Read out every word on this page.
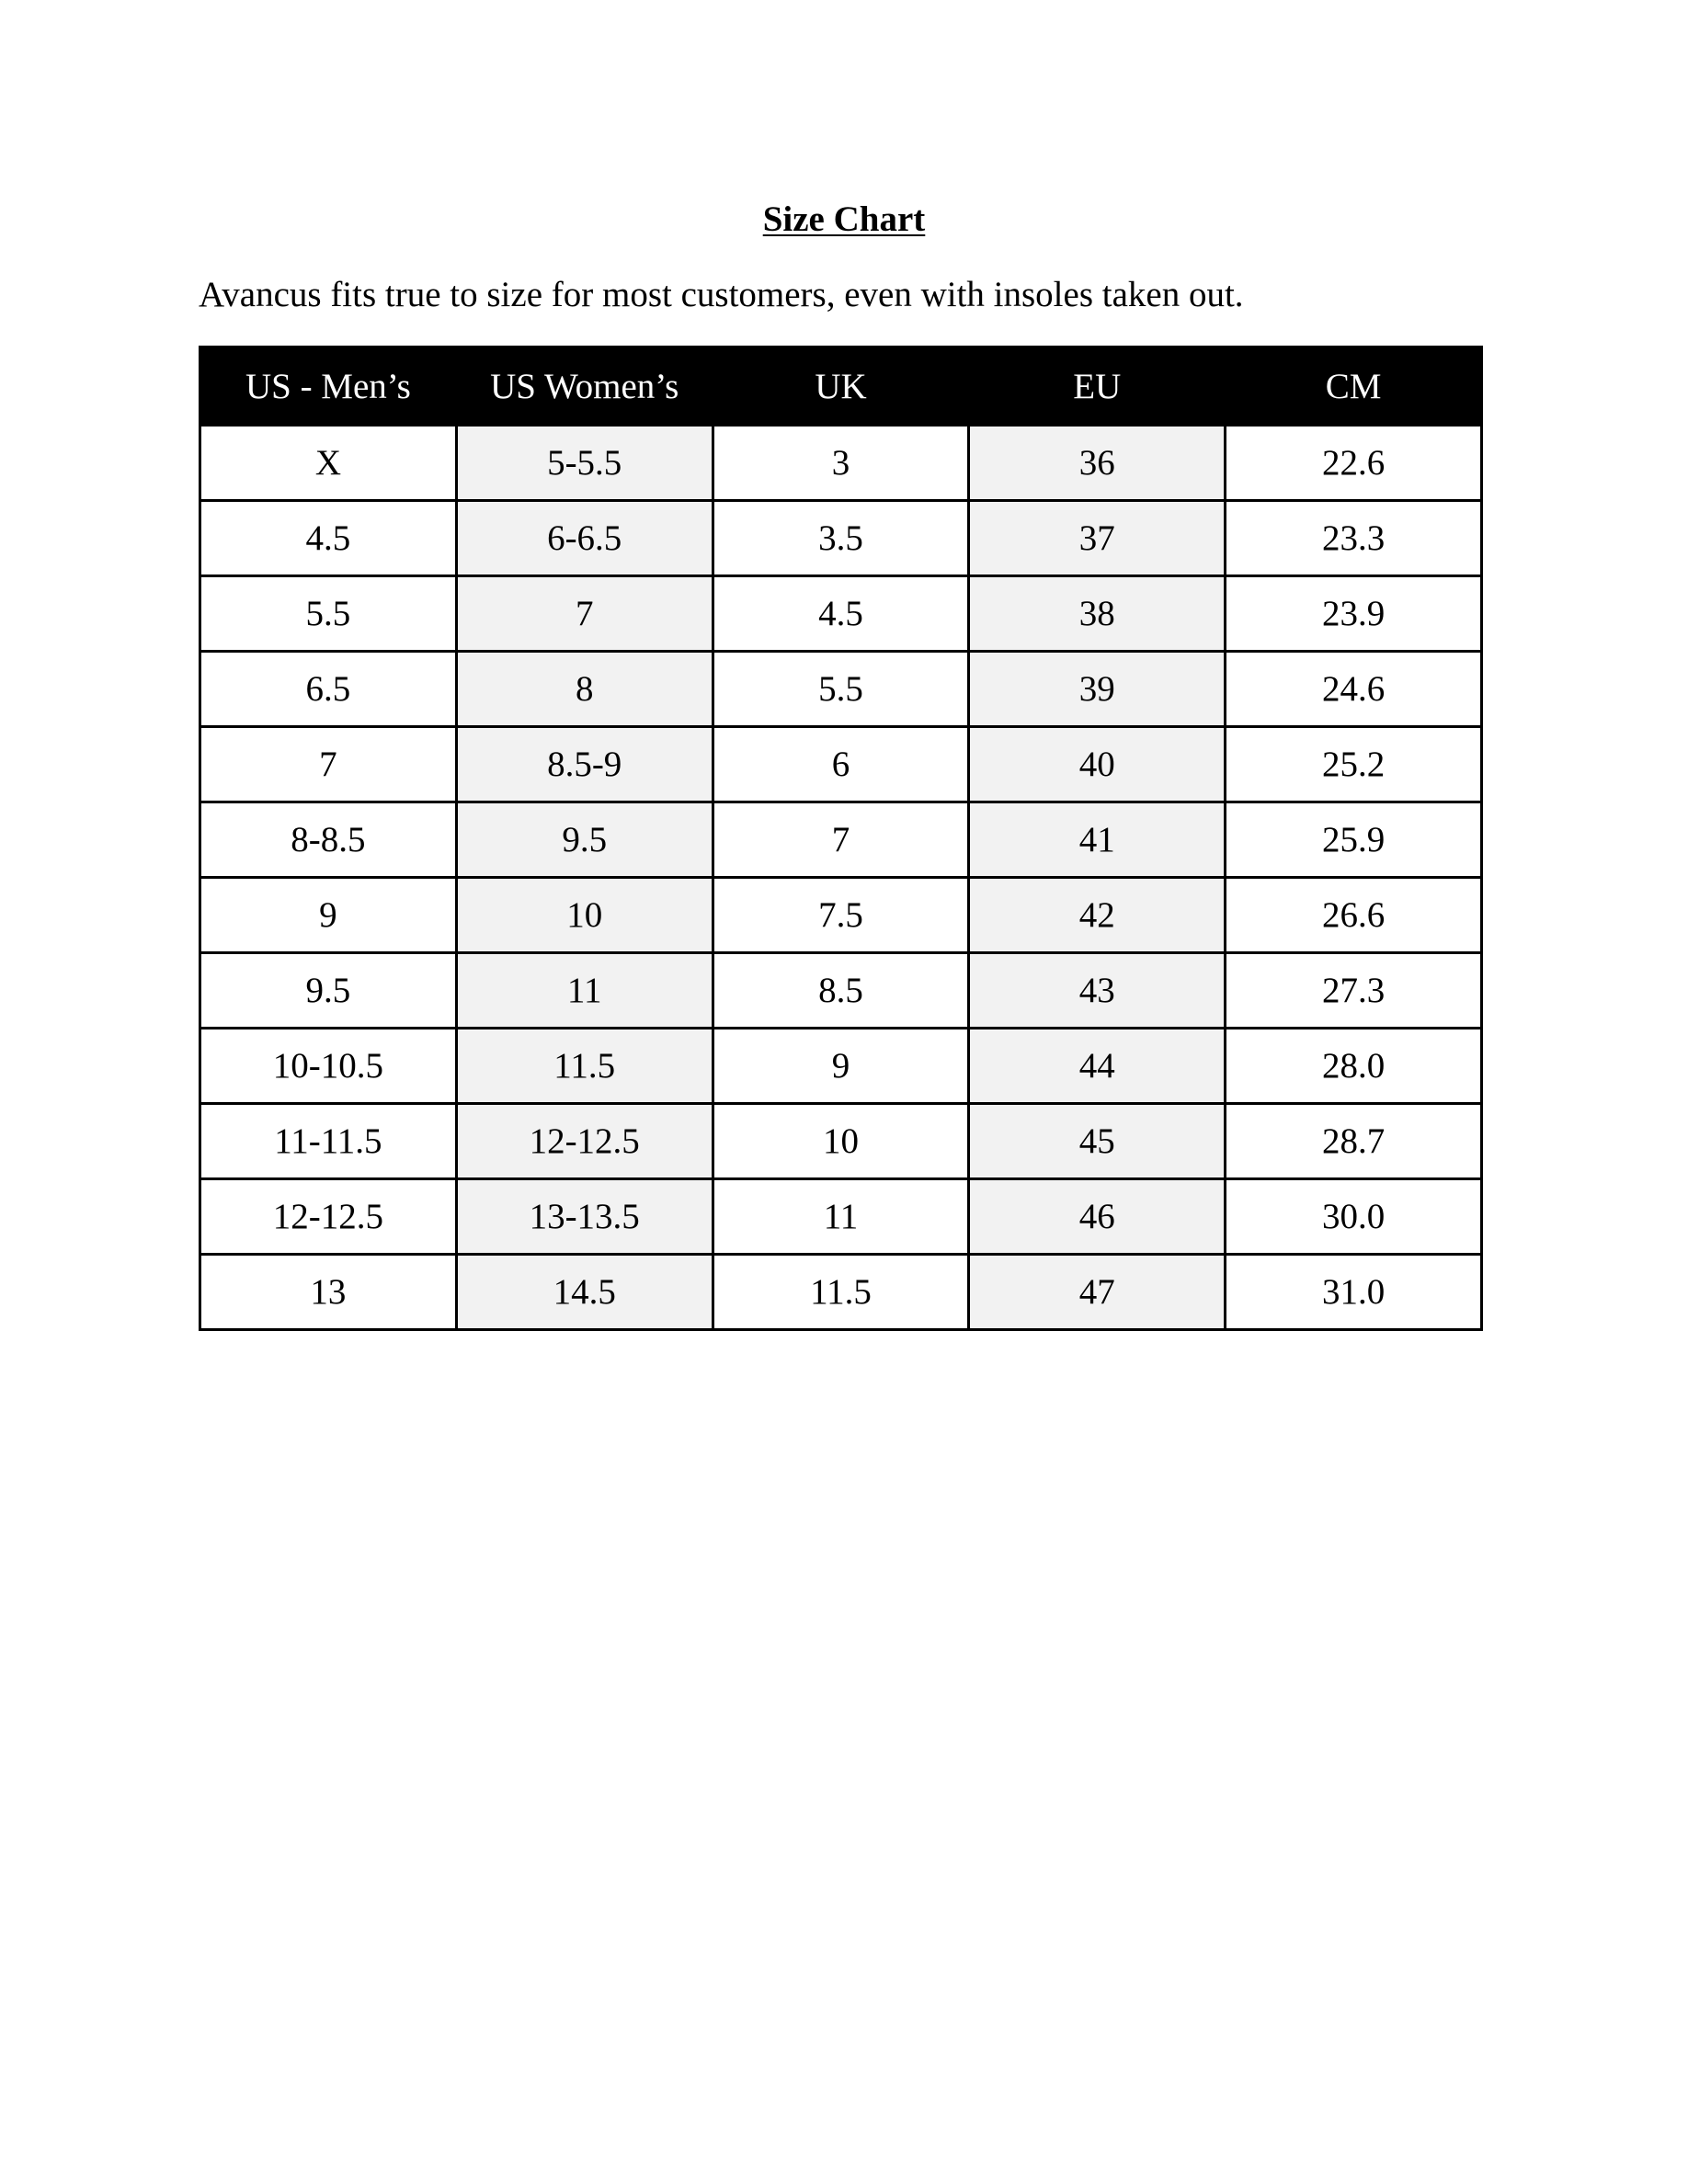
Size Chart
Avancus fits true to size for most customers, even with insoles taken out.
US - Men’s	US Women’s	UK	EU	CM
X	5-5.5	3	36	22.6
4.5	6-6.5	3.5	37	23.3
5.5	7	4.5	38	23.9
6.5	8	5.5	39	24.6
7	8.5-9	6	40	25.2
8-8.5	9.5	7	41	25.9
9	10	7.5	42	26.6
9.5	11	8.5	43	27.3
10-10.5	11.5	9	44	28.0
11-11.5	12-12.5	10	45	28.7
12-12.5	13-13.5	11	46	30.0
13	14.5	11.5	47	31.0
